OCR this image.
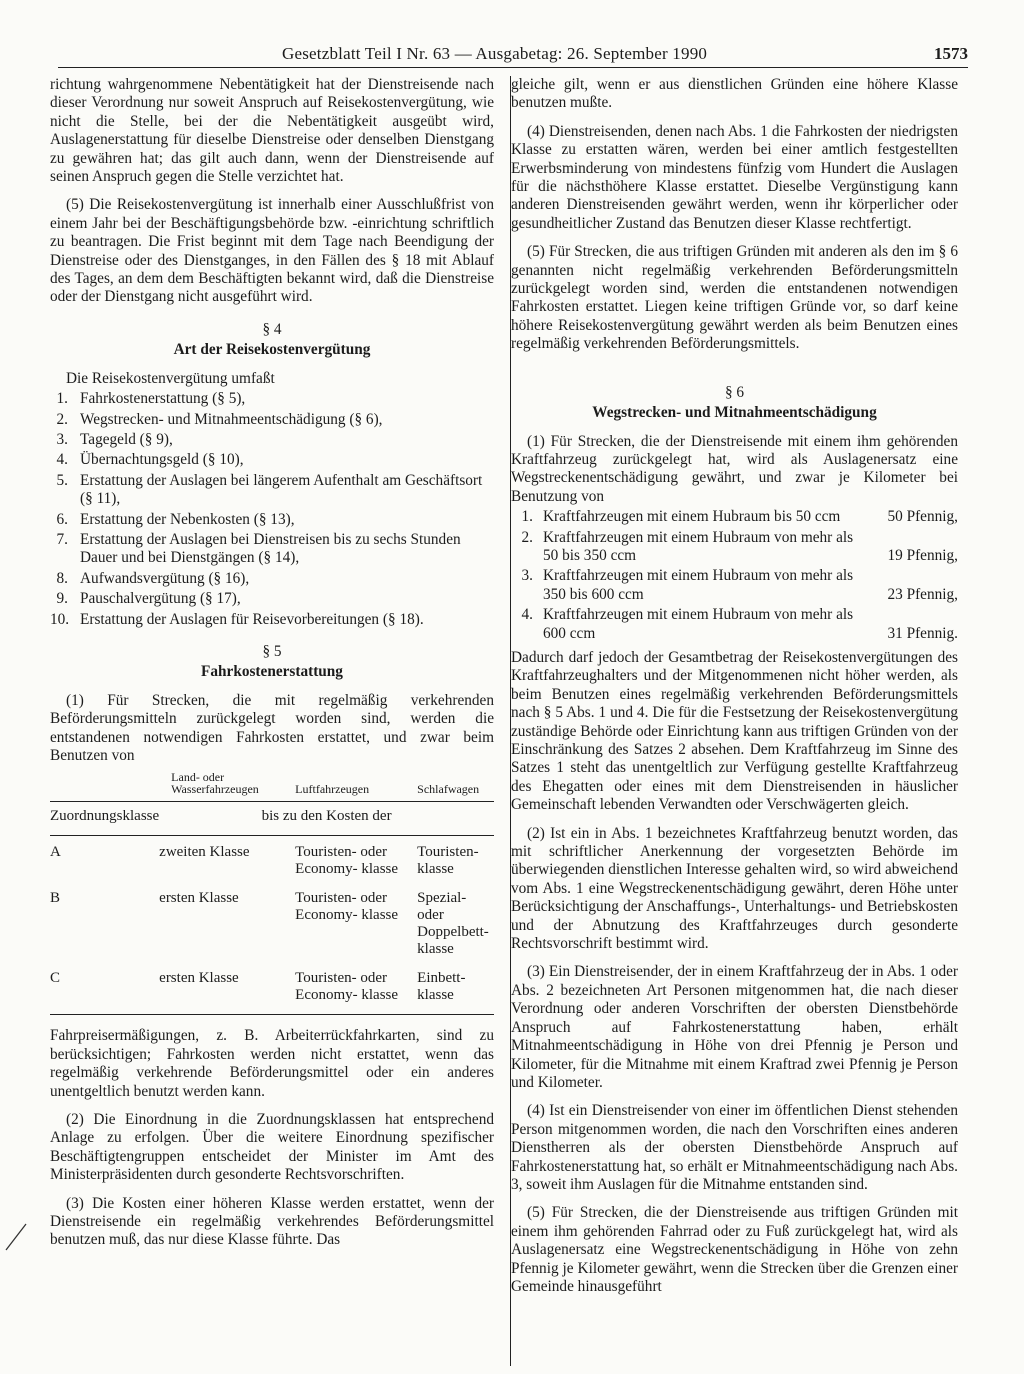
Gesetzblatt Teil I Nr. 63 — Ausgabetag: 26. September 1990	1573

richtung wahrgenommene Nebentätigkeit hat der Dienstreisende nach dieser Verordnung nur soweit Anspruch auf Reisekostenvergütung, wie nicht die Stelle, bei der die Nebentätigkeit ausgeübt wird, Auslagenerstattung für dieselbe Dienstreise oder denselben Dienstgang zu gewähren hat; das gilt auch dann, wenn der Dienstreisende auf seinen Anspruch gegen die Stelle verzichtet hat.

(5) Die Reisekostenvergütung ist innerhalb einer Ausschlußfrist von einem Jahr bei der Beschäftigungsbehörde bzw. -einrichtung schriftlich zu beantragen. Die Frist beginnt mit dem Tage nach Beendigung der Dienstreise oder des Dienstganges, in den Fällen des § 18 mit Ablauf des Tages, an dem dem Beschäftigten bekannt wird, daß die Dienstreise oder der Dienstgang nicht ausgeführt wird.

§ 4
Art der Reisekostenvergütung

Die Reisekostenvergütung umfaßt

1. Fahrkostenerstattung (§ 5),
2. Wegstrecken- und Mitnahmeentschädigung (§ 6),
3. Tagegeld (§ 9),
4. Übernachtungsgeld (§ 10),
5. Erstattung der Auslagen bei längerem Aufenthalt am Geschäftsort (§ 11),
6. Erstattung der Nebenkosten (§ 13),
7. Erstattung der Auslagen bei Dienstreisen bis zu sechs Stunden Dauer und bei Dienstgängen (§ 14),
8. Aufwandsvergütung (§ 16),
9. Pauschalvergütung (§ 17),
10. Erstattung der Auslagen für Reisevorbereitungen (§ 18).
§ 5
Fahrkostenerstattung

(1) Für Strecken, die mit regelmäßig verkehrenden Beförderungsmitteln zurückgelegt worden sind, werden die entstandenen notwendigen Fahrkosten erstattet, und zwar beim Benutzen von

	Land- oder Wasserfahrzeugen	Luftfahrzeugen	Schlafwagen
Zuordnungsklasse	bis zu den Kosten der		
A	zweiten Klasse	Touristen- oder Economy- klasse	Touristen- klasse
B	ersten Klasse	Touristen- oder Economy- klasse	Spezial- oder Doppelbett- klasse
C	ersten Klasse	Touristen- oder Economy- klasse	Einbett- klasse

Fahrpreisermäßigungen, z. B. Arbeiterrückfahrkarten, sind zu berücksichtigen; Fahrkosten werden nicht erstattet, wenn das regelmäßig verkehrende Beförderungsmittel oder ein anderes unentgeltlich benutzt werden kann.

(2) Die Einordnung in die Zuordnungsklassen hat entsprechend Anlage zu erfolgen. Über die weitere Einordnung spezifischer Beschäftigtengruppen entscheidet der Minister im Amt des Ministerpräsidenten durch gesonderte Rechtsvorschriften.

(3) Die Kosten einer höheren Klasse werden erstattet, wenn der Dienstreisende ein regelmäßig verkehrendes Beförderungsmittel benutzen muß, das nur diese Klasse führte. Das

gleiche gilt, wenn er aus dienstlichen Gründen eine höhere Klasse benutzen mußte.

(4) Dienstreisenden, denen nach Abs. 1 die Fahrkosten der niedrigsten Klasse zu erstatten wären, werden bei einer amtlich festgestellten Erwerbsminderung von mindestens fünfzig vom Hundert die Auslagen für die nächsthöhere Klasse erstattet. Dieselbe Vergünstigung kann anderen Dienstreisenden gewährt werden, wenn ihr körperlicher oder gesundheitlicher Zustand das Benutzen dieser Klasse rechtfertigt.

(5) Für Strecken, die aus triftigen Gründen mit anderen als den im § 6 genannten nicht regelmäßig verkehrenden Beförderungsmitteln zurückgelegt worden sind, werden die entstandenen notwendigen Fahrkosten erstattet. Liegen keine triftigen Gründe vor, so darf keine höhere Reisekostenvergütung gewährt werden als beim Benutzen eines regelmäßig verkehrenden Beförderungsmittels.

§ 6
Wegstrecken- und Mitnahmeentschädigung

(1) Für Strecken, die der Dienstreisende mit einem ihm gehörenden Kraftfahrzeug zurückgelegt hat, wird als Auslagenersatz eine Wegstreckenentschädigung gewährt, und zwar je Kilometer bei Benutzung von

1. Kraftfahrzeugen mit einem Hubraum bis 50 ccm	50 Pfennig,
2. Kraftfahrzeugen mit einem Hubraum von mehr als 50 bis 350 ccm	19 Pfennig,
3. Kraftfahrzeugen mit einem Hubraum von mehr als 350 bis 600 ccm	23 Pfennig,
4. Kraftfahrzeugen mit einem Hubraum von mehr als 600 ccm	31 Pfennig.

Dadurch darf jedoch der Gesamtbetrag der Reisekostenvergütungen des Kraftfahrzeughalters und der Mitgenommenen nicht höher werden, als beim Benutzen eines regelmäßig verkehrenden Beförderungsmittels nach § 5 Abs. 1 und 4. Die für die Festsetzung der Reisekostenvergütung zuständige Behörde oder Einrichtung kann aus triftigen Gründen von der Einschränkung des Satzes 2 absehen. Dem Kraftfahrzeug im Sinne des Satzes 1 steht das unentgeltlich zur Verfügung gestellte Kraftfahrzeug des Ehegatten oder eines mit dem Dienstreisenden in häuslicher Gemeinschaft lebenden Verwandten oder Verschwägerten gleich.

(2) Ist ein in Abs. 1 bezeichnetes Kraftfahrzeug benutzt worden, das mit schriftlicher Anerkennung der vorgesetzten Behörde im überwiegenden dienstlichen Interesse gehalten wird, so wird abweichend vom Abs. 1 eine Wegstreckenentschädigung gewährt, deren Höhe unter Berücksichtigung der Anschaffungs-, Unterhaltungs- und Betriebskosten und der Abnutzung des Kraftfahrzeuges durch gesonderte Rechtsvorschrift bestimmt wird.

(3) Ein Dienstreisender, der in einem Kraftfahrzeug der in Abs. 1 oder Abs. 2 bezeichneten Art Personen mitgenommen hat, die nach dieser Verordnung oder anderen Vorschriften der obersten Dienstbehörde Anspruch auf Fahrkostenerstattung haben, erhält Mitnahmeentschädigung in Höhe von drei Pfennig je Person und Kilometer, für die Mitnahme mit einem Kraftrad zwei Pfennig je Person und Kilometer.

(4) Ist ein Dienstreisender von einer im öffentlichen Dienst stehenden Person mitgenommen worden, die nach den Vorschriften eines anderen Dienstherren als der obersten Dienstbehörde Anspruch auf Fahrkostenerstattung hat, so erhält er Mitnahmeentschädigung nach Abs. 3, soweit ihm Auslagen für die Mitnahme entstanden sind.

(5) Für Strecken, die der Dienstreisende aus triftigen Gründen mit einem ihm gehörenden Fahrrad oder zu Fuß zurückgelegt hat, wird als Auslagenersatz eine Wegstreckenentschädigung in Höhe von zehn Pfennig je Kilometer gewährt, wenn die Strecken über die Grenzen einer Gemeinde hinausgeführt
